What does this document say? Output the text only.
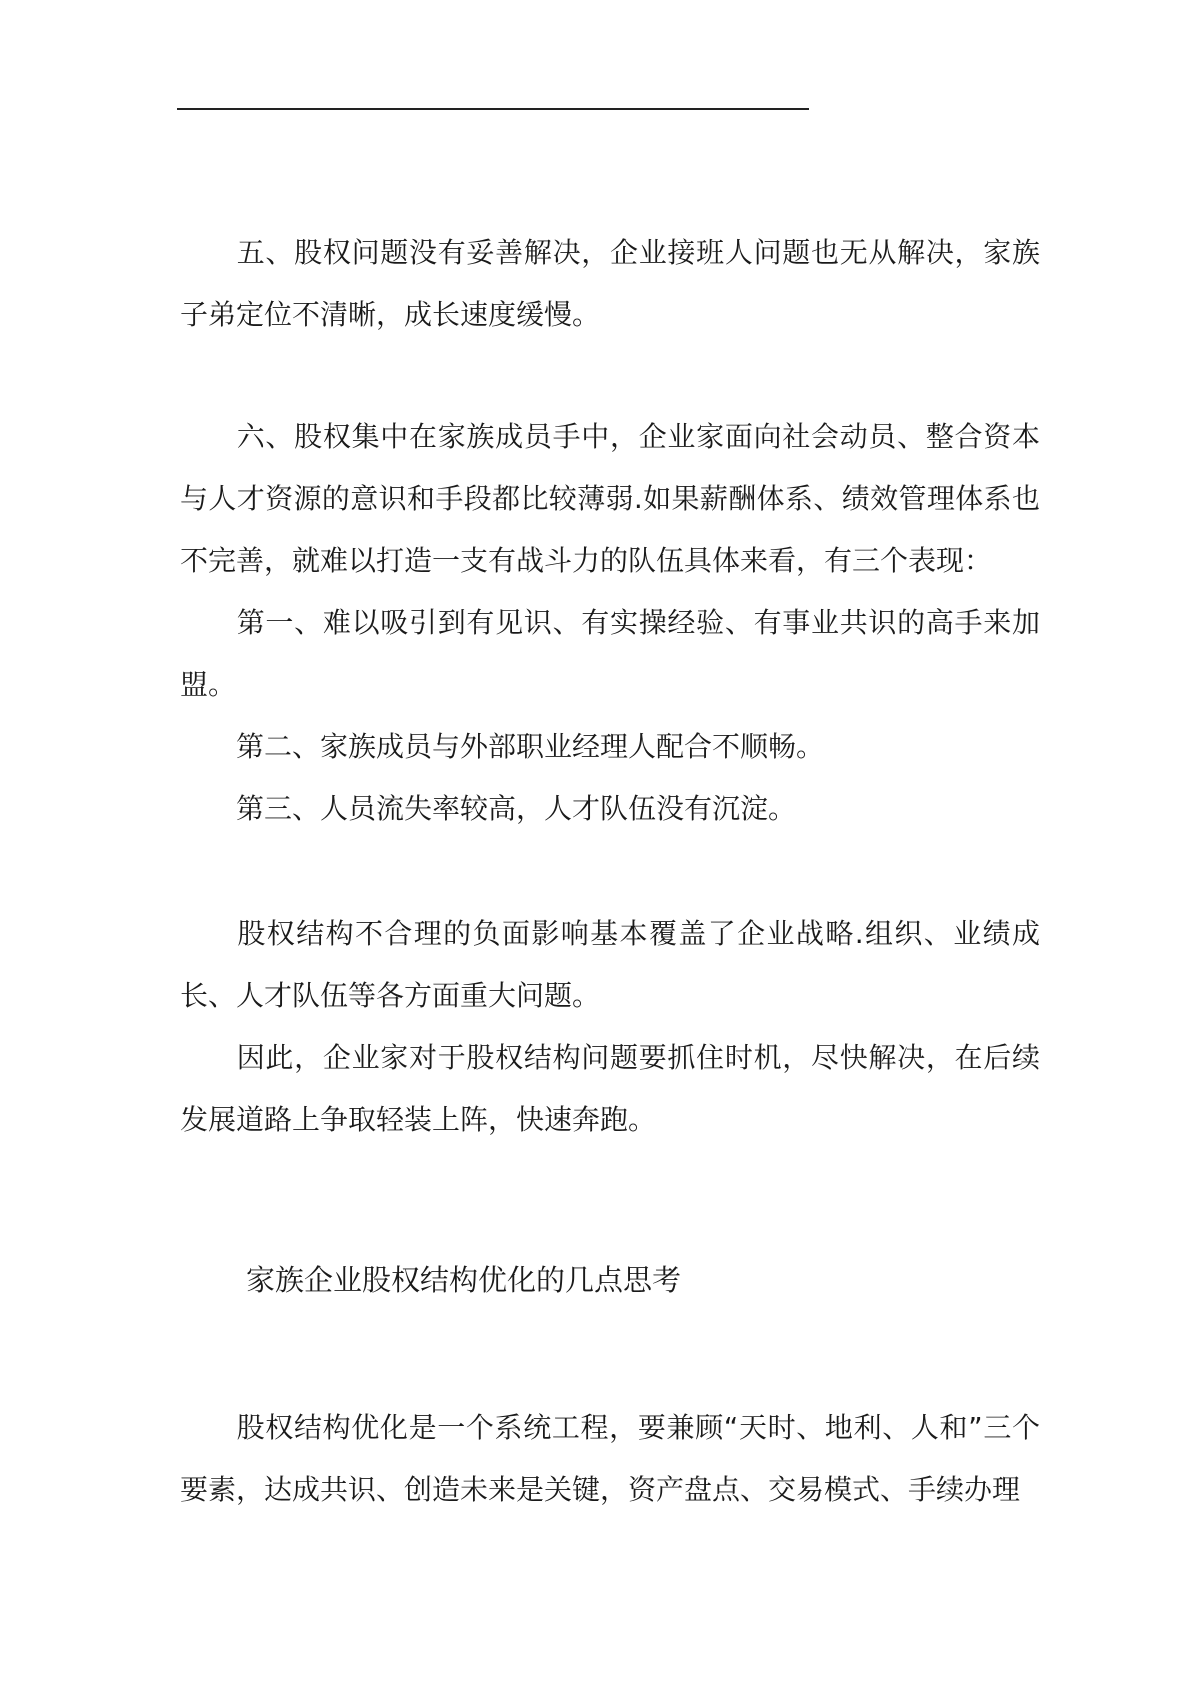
五、股权问题没有妥善解决，企业接班人问题也无从解决，家族子弟定位不清晰，成长速度缓慢。

六、股权集中在家族成员手中，企业家面向社会动员、整合资本与人才资源的意识和手段都比较薄弱.如果薪酬体系、绩效管理体系也不完善，就难以打造一支有战斗力的队伍具体来看，有三个表现：

第一、难以吸引到有见识、有实操经验、有事业共识的高手来加盟。

第二、家族成员与外部职业经理人配合不顺畅。

第三、人员流失率较高，人才队伍没有沉淀。

股权结构不合理的负面影响基本覆盖了企业战略.组织、业绩成长、人才队伍等各方面重大问题。

因此，企业家对于股权结构问题要抓住时机，尽快解决，在后续发展道路上争取轻装上阵，快速奔跑。

家族企业股权结构优化的几点思考

股权结构优化是一个系统工程，要兼顾“天时、地利、人和”三个要素，达成共识、创造未来是关键，资产盘点、交易模式、手续办理
